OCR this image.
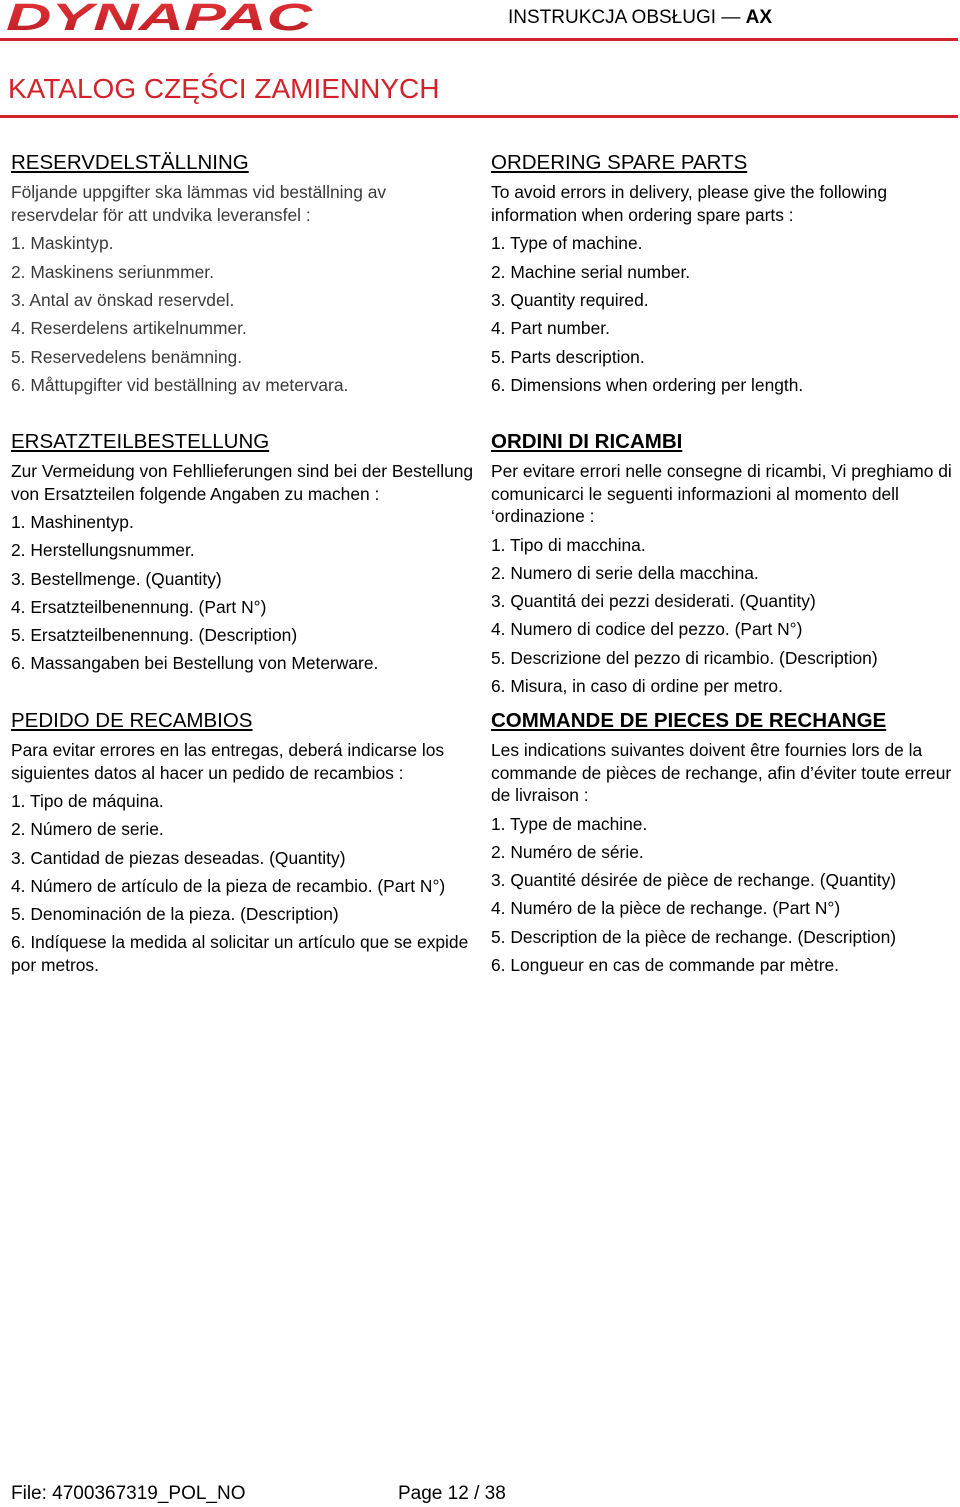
DYNAPAC	INSTRUKCJA OBSŁUGI — AX
KATALOG CZĘŚCI ZAMIENNYCH
RESERVDELSTÄLLNING
Följande uppgifter ska lämmas vid beställning av reservdelar för att undvika leveransfel :
1. Maskintyp.
2. Maskinens seriunmmer.
3. Antal av önskad reservdel.
4. Reserdelens artikelnummer.
5. Reservedelens benämning.
6. Måttupgifter vid beställning av metervara.
ORDERING SPARE PARTS
To avoid errors in delivery, please give the following information when ordering spare parts :
1. Type of machine.
2. Machine serial number.
3. Quantity required.
4. Part number.
5. Parts description.
6. Dimensions when ordering per length.
ERSATZTEILBESTELLUNG
Zur Vermeidung von Fehllieferungen sind bei der Bestellung von Ersatzteilen folgende Angaben zu machen :
1. Mashinentyp.
2. Herstellungsnummer.
3. Bestellmenge. (Quantity)
4. Ersatzteilbenennung. (Part N°)
5. Ersatzteilbenennung. (Description)
6. Massangaben bei Bestellung von Meterware.
ORDINI DI RICAMBI
Per evitare errori nelle consegne di ricambi, Vi preghiamo di comunicarci le seguenti informazioni al momento dell ‘ordinazione :
1. Tipo di macchina.
2. Numero di serie della macchina.
3. Quantitá dei pezzi desiderati. (Quantity)
4. Numero di codice del pezzo. (Part N°)
5. Descrizione del pezzo di ricambio. (Description)
6. Misura, in caso di ordine per metro.
PEDIDO DE RECAMBIOS
Para evitar errores en las entregas, deberá indicarse los siguientes datos al hacer un pedido de recambios :
1. Tipo de máquina.
2. Número de serie.
3. Cantidad de piezas deseadas. (Quantity)
4. Número de artículo de la pieza de recambio. (Part N°)
5. Denominación de la pieza. (Description)
6. Indíquese la medida al solicitar un artículo que se expide por metros.
COMMANDE DE PIECES DE RECHANGE
Les indications suivantes doivent être fournies lors de la commande de pièces de rechange, afin d’éviter toute erreur de livraison :
1. Type de machine.
2. Numéro de série.
3. Quantité désirée de pièce de rechange. (Quantity)
4. Numéro de la pièce de rechange. (Part N°)
5. Description de la pièce de rechange. (Description)
6. Longueur en cas de commande par mètre.
File: 4700367319_POL_NO	Page 12 / 38
